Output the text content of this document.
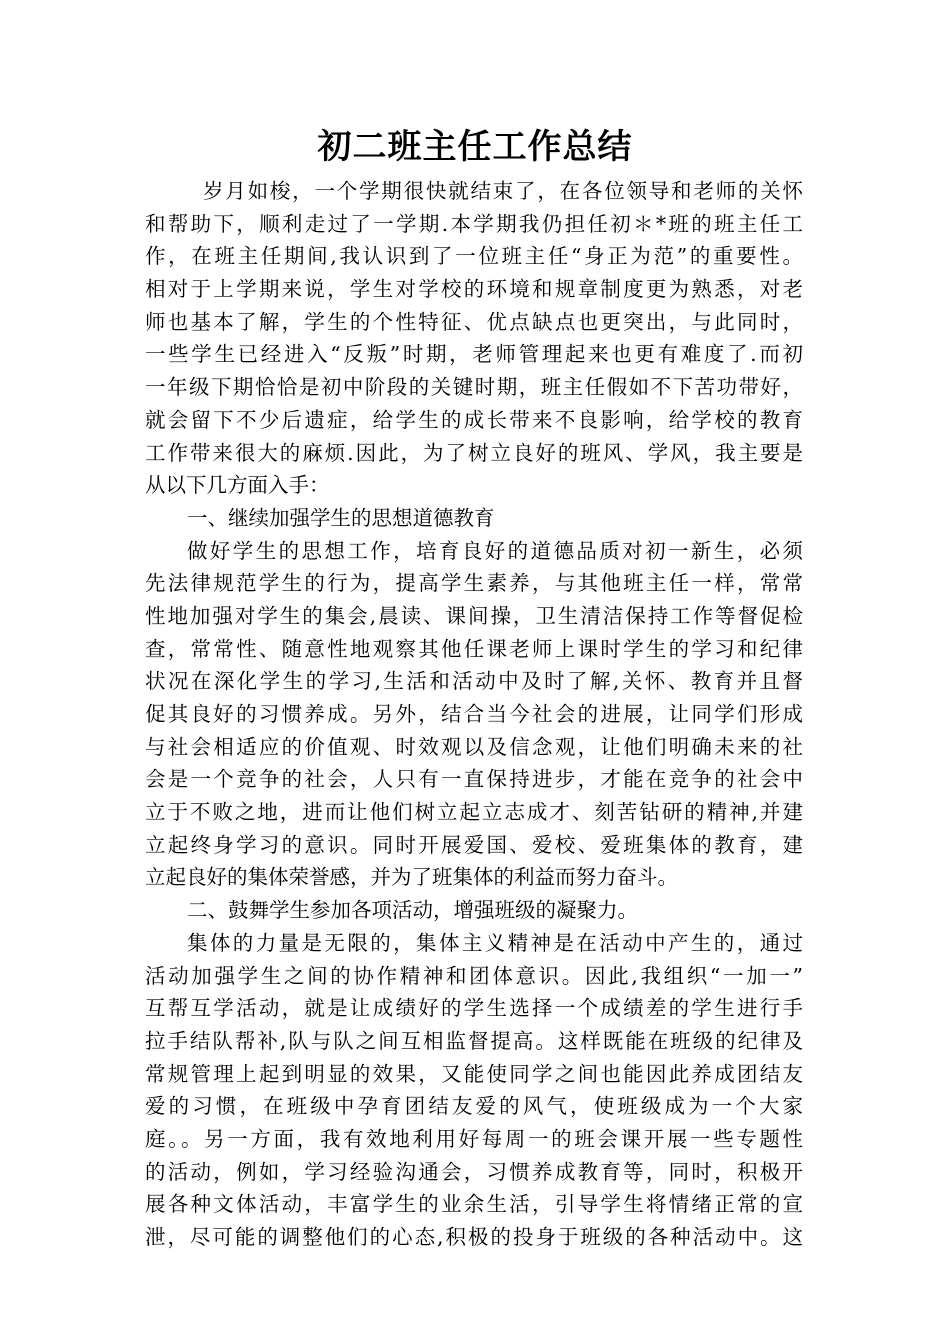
初二班主任工作总结
岁月如梭，一个学期很快就结束了，在各位领导和老师的关怀
和帮助下，顺利走过了一学期.本学期我仍担任初＊*班的班主任工
作，在班主任期间,我认识到了一位班主任“身正为范”的重要性。
相对于上学期来说，学生对学校的环境和规章制度更为熟悉，对老
师也基本了解，学生的个性特征、优点缺点也更突出，与此同时，
一些学生已经进入“反叛”时期，老师管理起来也更有难度了.而初
一年级下期恰恰是初中阶段的关键时期，班主任假如不下苦功带好，
就会留下不少后遗症，给学生的成长带来不良影响，给学校的教育
工作带来很大的麻烦.因此，为了树立良好的班风、学风，我主要是
从以下几方面入手：
一、继续加强学生的思想道德教育
做好学生的思想工作，培育良好的道德品质对初一新生，必须
先法律规范学生的行为，提高学生素养，与其他班主任一样，常常
性地加强对学生的集会,晨读、课间操，卫生清洁保持工作等督促检
查，常常性、随意性地观察其他任课老师上课时学生的学习和纪律
状况在深化学生的学习,生活和活动中及时了解,关怀、教育并且督
促其良好的习惯养成。另外，结合当今社会的进展，让同学们形成
与社会相适应的价值观、时效观以及信念观，让他们明确未来的社
会是一个竞争的社会，人只有一直保持进步，才能在竞争的社会中
立于不败之地，进而让他们树立起立志成才、刻苦钻研的精神,并建
立起终身学习的意识。同时开展爱国、爱校、爱班集体的教育，建
立起良好的集体荣誉感，并为了班集体的利益而努力奋斗。
二、鼓舞学生参加各项活动，增强班级的凝聚力。
集体的力量是无限的，集体主义精神是在活动中产生的，通过
活动加强学生之间的协作精神和团体意识。因此,我组织“一加一”
互帮互学活动，就是让成绩好的学生选择一个成绩差的学生进行手
拉手结队帮补,队与队之间互相监督提高。这样既能在班级的纪律及
常规管理上起到明显的效果，又能使同学之间也能因此养成团结友
爱的习惯，在班级中孕育团结友爱的风气，使班级成为一个大家
庭。。另一方面，我有效地利用好每周一的班会课开展一些专题性
的活动，例如，学习经验沟通会，习惯养成教育等，同时，积极开
展各种文体活动，丰富学生的业余生活，引导学生将情绪正常的宣
泄，尽可能的调整他们的心态,积极的投身于班级的各种活动中。这
